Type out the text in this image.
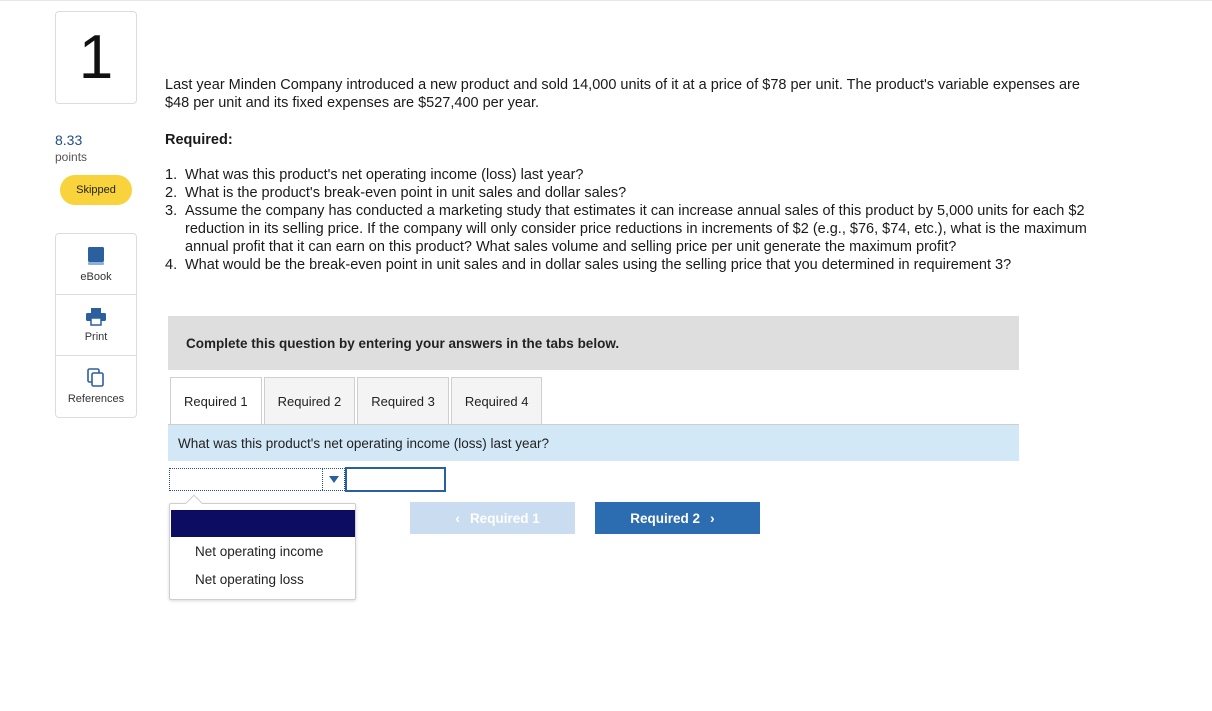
1
8.33
points
Skipped
eBook
Print
References
Last year Minden Company introduced a new product and sold 14,000 units of it at a price of $78 per unit. The product's variable expenses are $48 per unit and its fixed expenses are $527,400 per year.
Required:
1. What was this product's net operating income (loss) last year?
2. What is the product's break-even point in unit sales and dollar sales?
3. Assume the company has conducted a marketing study that estimates it can increase annual sales of this product by 5,000 units for each $2 reduction in its selling price. If the company will only consider price reductions in increments of $2 (e.g., $76, $74, etc.), what is the maximum annual profit that it can earn on this product? What sales volume and selling price per unit generate the maximum profit?
4. What would be the break-even point in unit sales and in dollar sales using the selling price that you determined in requirement 3?
Complete this question by entering your answers in the tabs below.
Required 1	Required 2	Required 3	Required 4
What was this product's net operating income (loss) last year?
Net operating income
Net operating loss
‹ Required 1	Required 2 ›
